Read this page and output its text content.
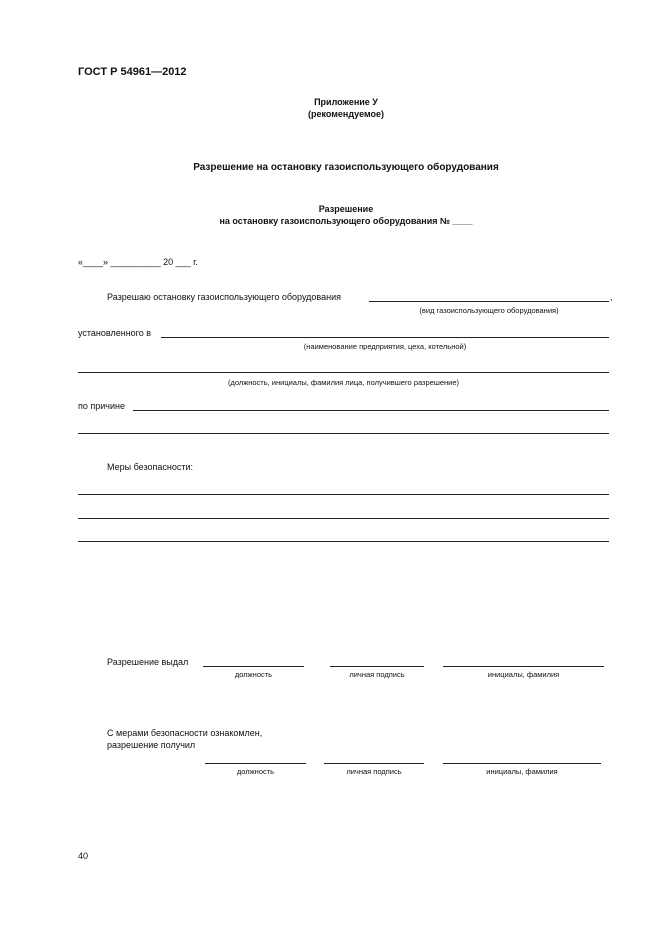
ГОСТ Р 54961—2012
Приложение У
(рекомендуемое)
Разрешение на остановку газоиспользующего оборудования
Разрешение
на остановку газоиспользующего оборудования № ____
«____» __________ 20 ___ г.
Разрешаю остановку газоиспользующего оборудования	,
(вид газоиспользующего оборудования)
установленного в
(наименование предприятия, цеха, котельной)
(должность, инициалы, фамилия лица, получившего разрешение)
по причине
Меры безопасности:
Разрешение выдал
должность	личная подпись	инициалы, фамилия
С мерами безопасности ознакомлен,
разрешение получил
должность	личная подпись	инициалы, фамилия
40
